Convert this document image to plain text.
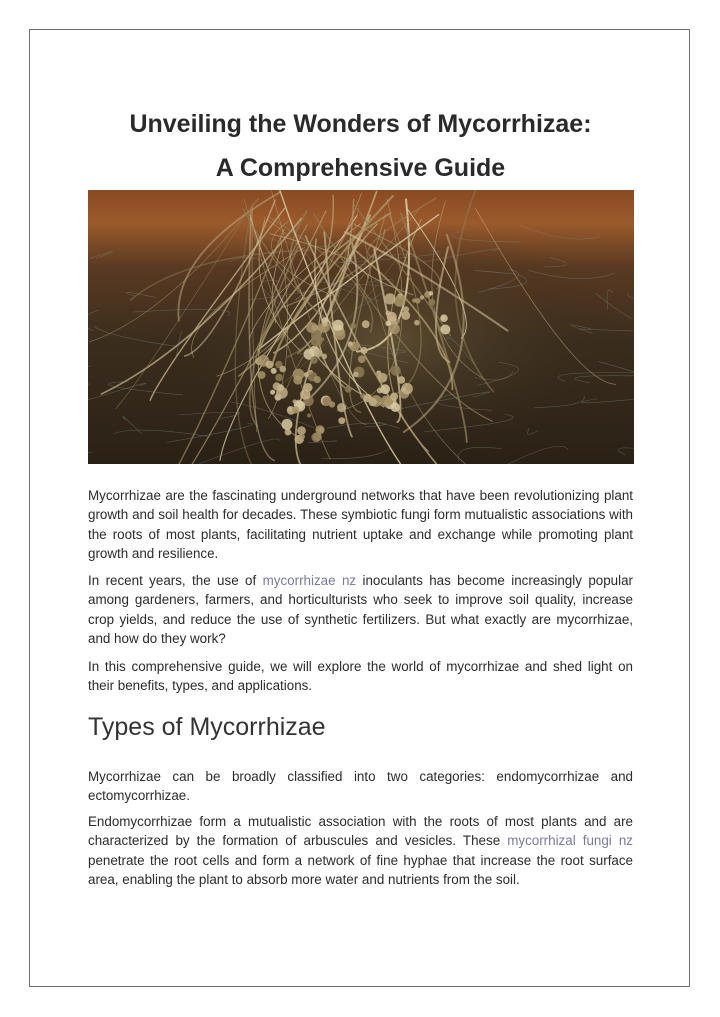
Unveiling the Wonders of Mycorrhizae:
A Comprehensive Guide

Mycorrhizae are the fascinating underground networks that have been revolutionizing plant growth and soil health for decades. These symbiotic fungi form mutualistic associations with the roots of most plants, facilitating nutrient uptake and exchange while promoting plant growth and resilience.

In recent years, the use of mycorrhizae nz inoculants has become increasingly popular among gardeners, farmers, and horticulturists who seek to improve soil quality, increase crop yields, and reduce the use of synthetic fertilizers. But what exactly are mycorrhizae, and how do they work?

In this comprehensive guide, we will explore the world of mycorrhizae and shed light on their benefits, types, and applications.

Types of Mycorrhizae

Mycorrhizae can be broadly classified into two categories: endomycorrhizae and ectomycorrhizae.

Endomycorrhizae form a mutualistic association with the roots of most plants and are characterized by the formation of arbuscules and vesicles. These mycorrhizal fungi nz penetrate the root cells and form a network of fine hyphae that increase the root surface area, enabling the plant to absorb more water and nutrients from the soil.
